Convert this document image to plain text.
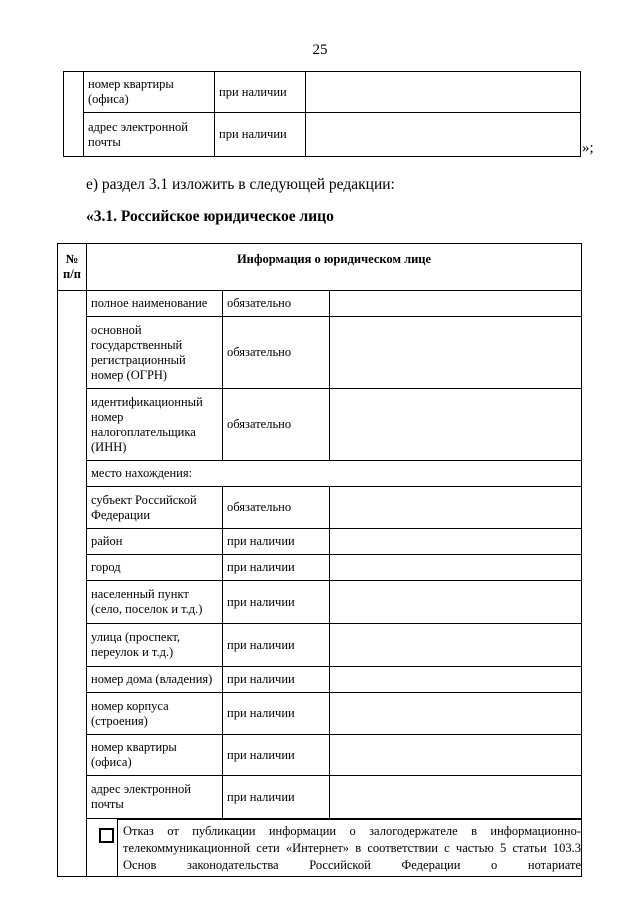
25
	номер квартиры (офиса)	при наличии	
	адрес электронной почты	при наличии	
»;
е) раздел 3.1 изложить в следующей редакции:
«3.1. Российское юридическое лицо
№ п/п	Информация о юридическом лице		
	полное наименование	обязательно	
	основной государственный регистрационный номер (ОГРН)	обязательно	
	идентификационный номер налогоплательщика (ИНН)	обязательно	
	место нахождения:		
	субъект Российской Федерации	обязательно	
	район	при наличии	
	город	при наличии	
	населенный пункт (село, поселок и т.д.)	при наличии	
	улица (проспект, переулок и т.д.)	при наличии	
	номер дома (владения)	при наличии	
	номер корпуса (строения)	при наличии	
	номер квартиры (офиса)	при наличии	
	адрес электронной почты	при наличии	

	Отказ от публикации информации о залогодержателе в информационно-телекоммуникационной сети «Интернет» в соответствии с частью 5 статьи 103.3 Основ законодательства Российской Федерации о нотариате		
